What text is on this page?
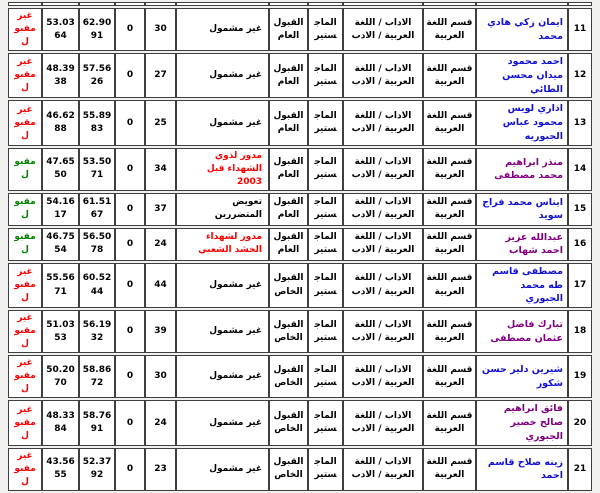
11	ايمان زكي هادي محمد	قسم اللغة العربية	الاداب / اللغة العربية / الادب	الماجستير	القبول العام	غير مشمول	30	0	62.9091	53.0364	غير مقبول
12	احمد محمود ميدان محسن الطائي	قسم اللغة العربية	الاداب / اللغة العربية / الادب	الماجستير	القبول العام	غير مشمول	27	0	57.5626	48.3938	غير مقبول
13	اذاري لويس محمود عباس الجبوريه	قسم اللغة العربية	الاداب / اللغة العربية / الادب	الماجستير	القبول العام	غير مشمول	25	0	55.8983	46.6288	غير مقبول
14	منذر ابراهيم محمد مصطفى	قسم اللغة العربية	الاداب / اللغة العربية / الادب	الماجستير	القبول العام	مدور لذوي الشهداء قبل 2003	34	0	53.5071	47.6550	مقبول
15	ايناس محمد فراج سويد	قسم اللغة العربية	الاداب / اللغة العربية / الادب	الماجستير	القبول العام	تعويض المتضررين	37	0	61.5167	54.1617	مقبول
16	عبدالله عزيز احمد شهاب	قسم اللغة العربية	الاداب / اللغة العربية / الادب	الماجستير	القبول العام	مدور لشهداء الحشد الشعبي	24	0	56.5078	46.7554	مقبول
17	مصطفى قاسم طه محمد الجبوري	قسم اللغة العربية	الاداب / اللغة العربية / الادب	الماجستير	القبول الخاص	غير مشمول	44	0	60.5244	55.5671	غير مقبول
18	تبارك فاضل عثمان مصطفى	قسم اللغة العربية	الاداب / اللغة العربية / الادب	الماجستير	القبول الخاص	غير مشمول	39	0	56.1932	51.0353	غير مقبول
19	شيرين دلير حسن شكور	قسم اللغة العربية	الاداب / اللغة العربية / الادب	الماجستير	القبول الخاص	غير مشمول	30	0	58.8672	50.2070	غير مقبول
20	فائق ابراهيم صالح خضير الجبوري	قسم اللغة العربية	الاداب / اللغة العربية / الادب	الماجستير	القبول الخاص	غير مشمول	24	0	58.7691	48.3384	غير مقبول
21	زينه صلاح قاسم احمد	قسم اللغة العربية	الاداب / اللغة العربية / الادب	الماجستير	القبول الخاص	غير مشمول	23	0	52.3792	43.5655	غير مقبول
